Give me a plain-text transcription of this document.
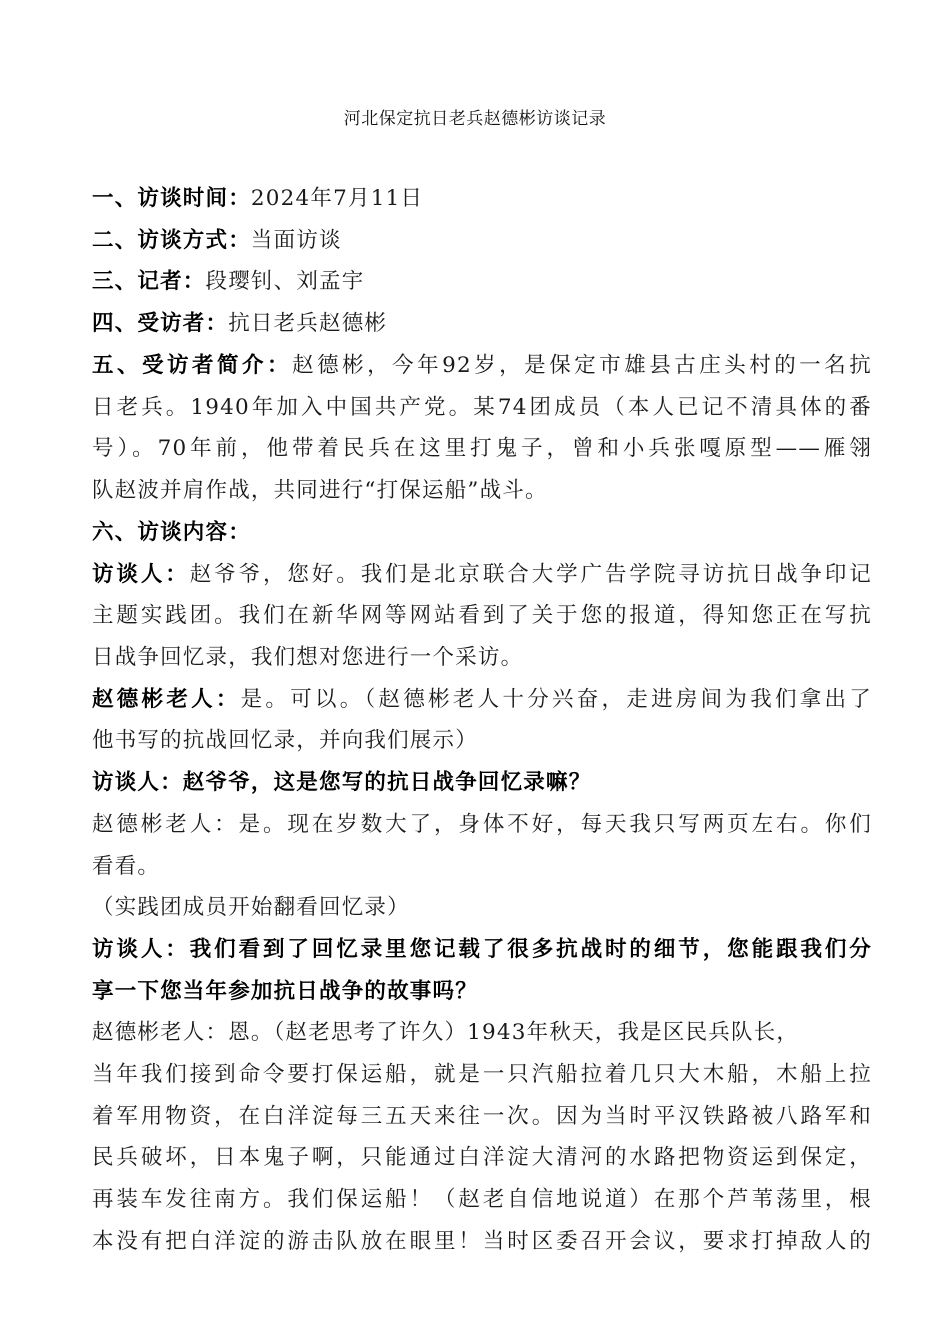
河北保定抗日老兵赵德彬访谈记录
一、访谈时间：2024年7月11日
二、访谈方式：当面访谈
三、记者：段璎钊、刘孟宇
四、受访者：抗日老兵赵德彬
五、受访者简介：赵德彬，今年92岁，是保定市雄县古庄头村的一名抗
日老兵。1940年加入中国共产党。某74团成员（本人已记不清具体的番
号）。70年前，他带着民兵在这里打鬼子，曾和小兵张嘎原型——雁翎
队赵波并肩作战，共同进行“打保运船”战斗。
六、访谈内容：
访谈人：赵爷爷，您好。我们是北京联合大学广告学院寻访抗日战争印记
主题实践团。我们在新华网等网站看到了关于您的报道，得知您正在写抗
日战争回忆录，我们想对您进行一个采访。
赵德彬老人：是。可以。（赵德彬老人十分兴奋，走进房间为我们拿出了
他书写的抗战回忆录，并向我们展示）
访谈人：赵爷爷，这是您写的抗日战争回忆录嘛？
赵德彬老人：是。现在岁数大了，身体不好，每天我只写两页左右。你们
看看。
（实践团成员开始翻看回忆录）
访谈人：我们看到了回忆录里您记载了很多抗战时的细节，您能跟我们分
享一下您当年参加抗日战争的故事吗？
赵德彬老人：恩。（赵老思考了许久）1943年秋天，我是区民兵队长，
当年我们接到命令要打保运船，就是一只汽船拉着几只大木船，木船上拉
着军用物资，在白洋淀每三五天来往一次。因为当时平汉铁路被八路军和
民兵破坏，日本鬼子啊，只能通过白洋淀大清河的水路把物资运到保定，
再装车发往南方。我们保运船！（赵老自信地说道）在那个芦苇荡里，根
本没有把白洋淀的游击队放在眼里！当时区委召开会议，要求打掉敌人的
